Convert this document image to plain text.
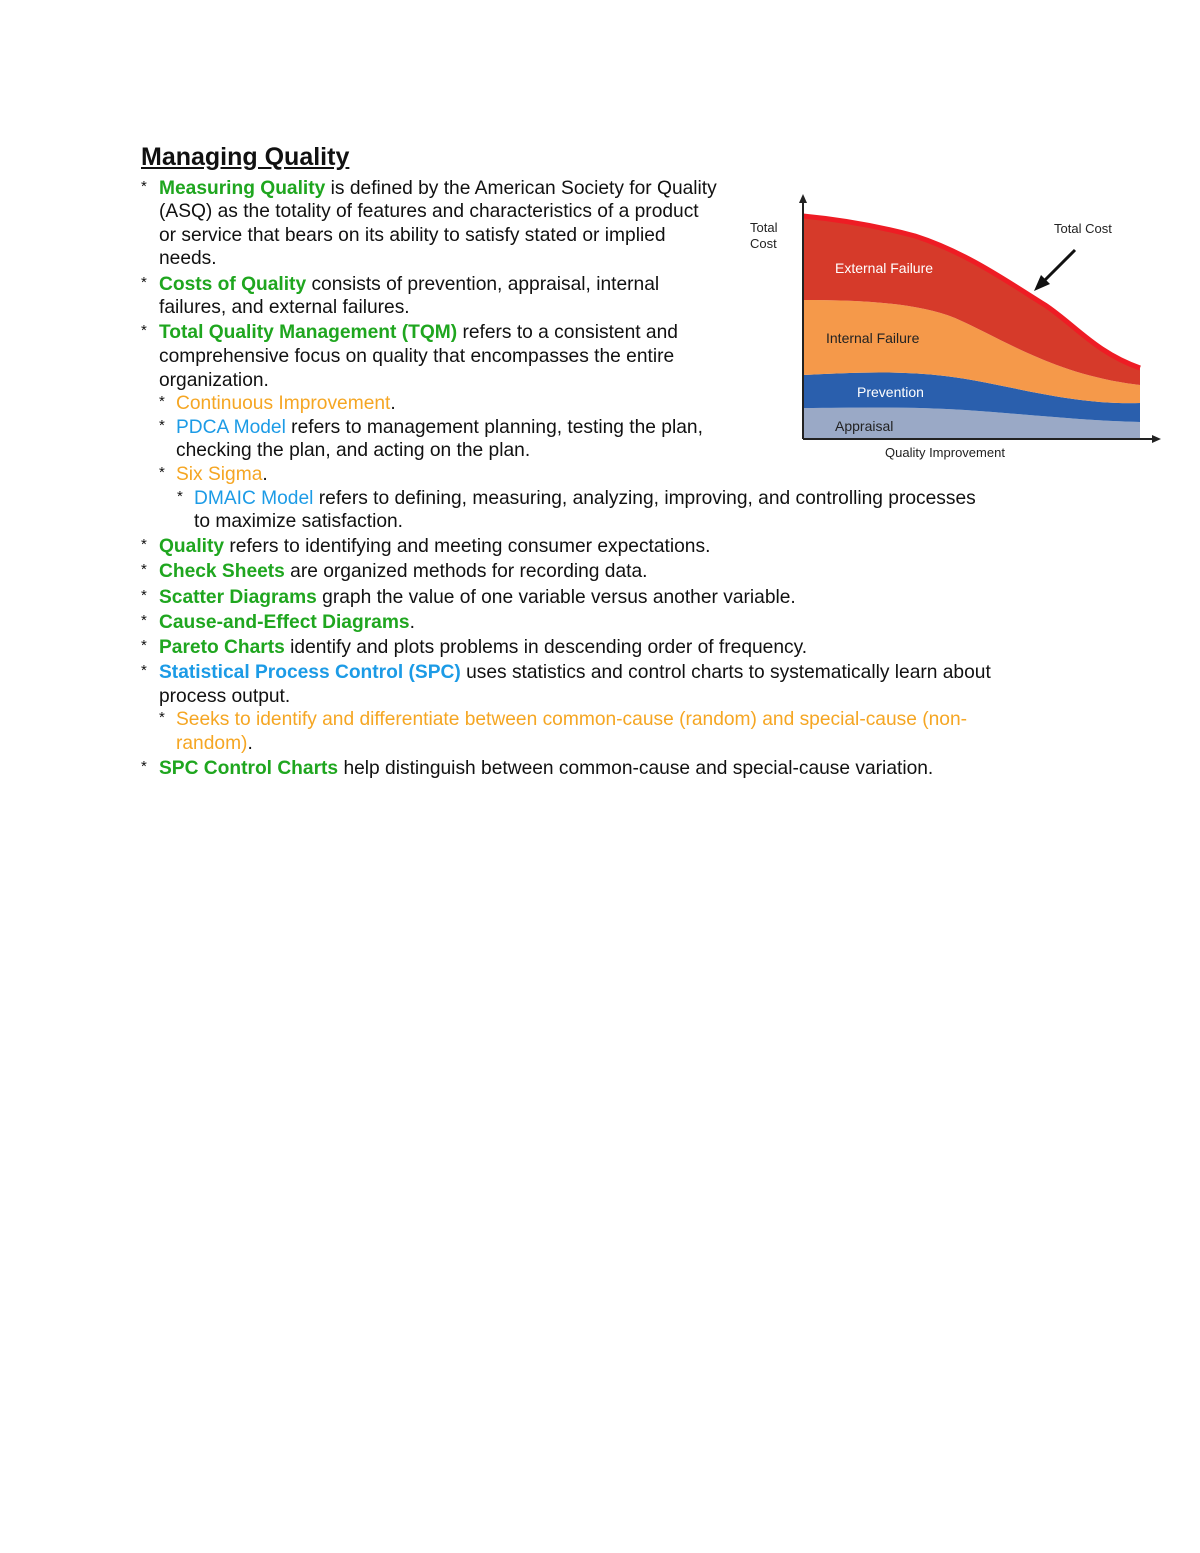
Managing Quality
* Measuring Quality is defined by the American Society for Quality (ASQ) as the totality of features and characteristics of a product or service that bears on its ability to satisfy stated or implied needs.
* Costs of Quality consists of prevention, appraisal, internal failures, and external failures.
* Total Quality Management (TQM) refers to a consistent and comprehensive focus on quality that encompasses the entire organization.
* Continuous Improvement.
* PDCA Model refers to management planning, testing the plan, checking the plan, and acting on the plan.
* Six Sigma.
* DMAIC Model refers to defining, measuring, analyzing, improving, and controlling processes to maximize satisfaction.
* Quality refers to identifying and meeting consumer expectations.
* Check Sheets are organized methods for recording data.
* Scatter Diagrams graph the value of one variable versus another variable.
* Cause-and-Effect Diagrams.
* Pareto Charts identify and plots problems in descending order of frequency.
* Statistical Process Control (SPC) uses statistics and control charts to systematically learn about process output.
* Seeks to identify and differentiate between common-cause (random) and special-cause (non-random).
* SPC Control Charts help distinguish between common-cause and special-cause variation.
External Failure
Internal Failure
Prevention
Appraisal
Total
Cost
Quality Improvement
Total Cost
